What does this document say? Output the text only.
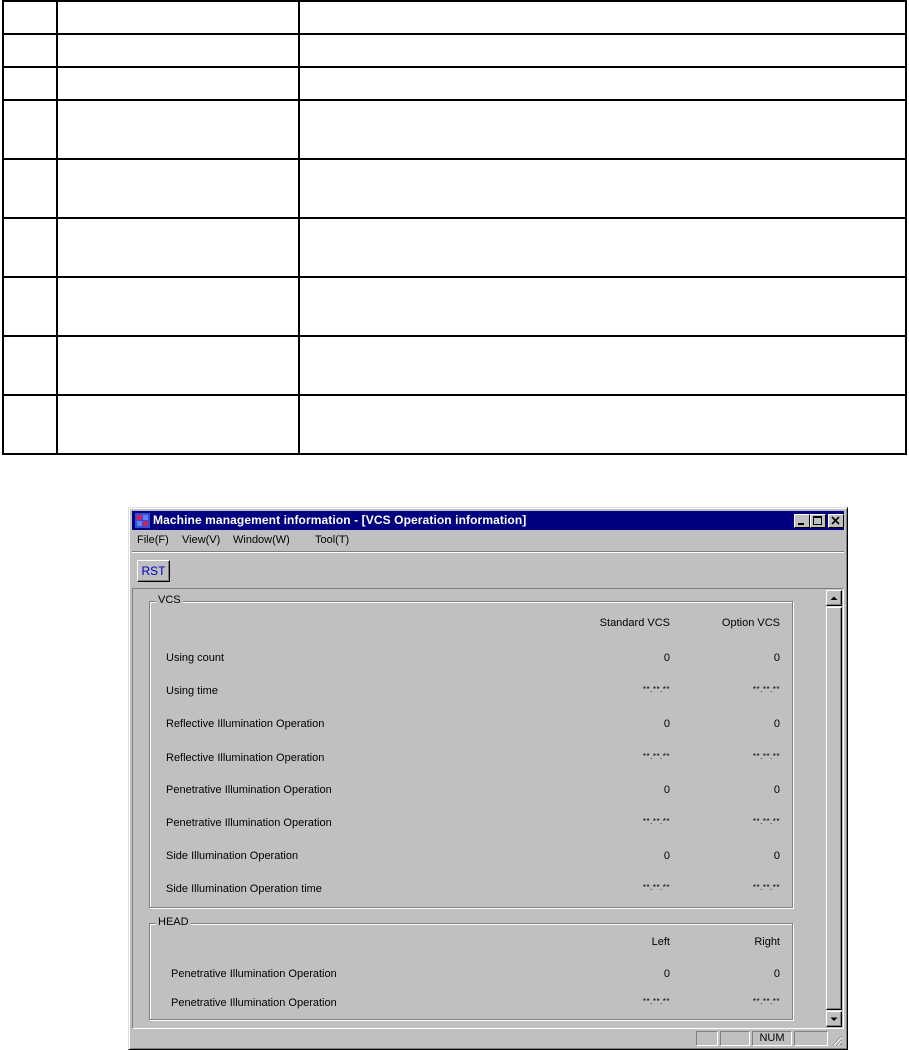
Machine management information - [VCS Operation information]
File(F) View(V) Window(W) Tool(T)
RST
VCS
Standard VCS	Option VCS
Using count	0	0
Using time	**.**.**	**.**.**
Reflective Illumination Operation	0	0
Reflective Illumination Operation	**.**.**	**.**.**
Penetrative Illumination Operation	0	0
Penetrative Illumination Operation	**.**.**	**.**.**
Side Illumination Operation	0	0
Side Illumination Operation time	**.**.**	**.**.**
HEAD
Left	Right
Penetrative Illumination Operation	0	0
Penetrative Illumination Operation	**.**.**	**.**.**
NUM
